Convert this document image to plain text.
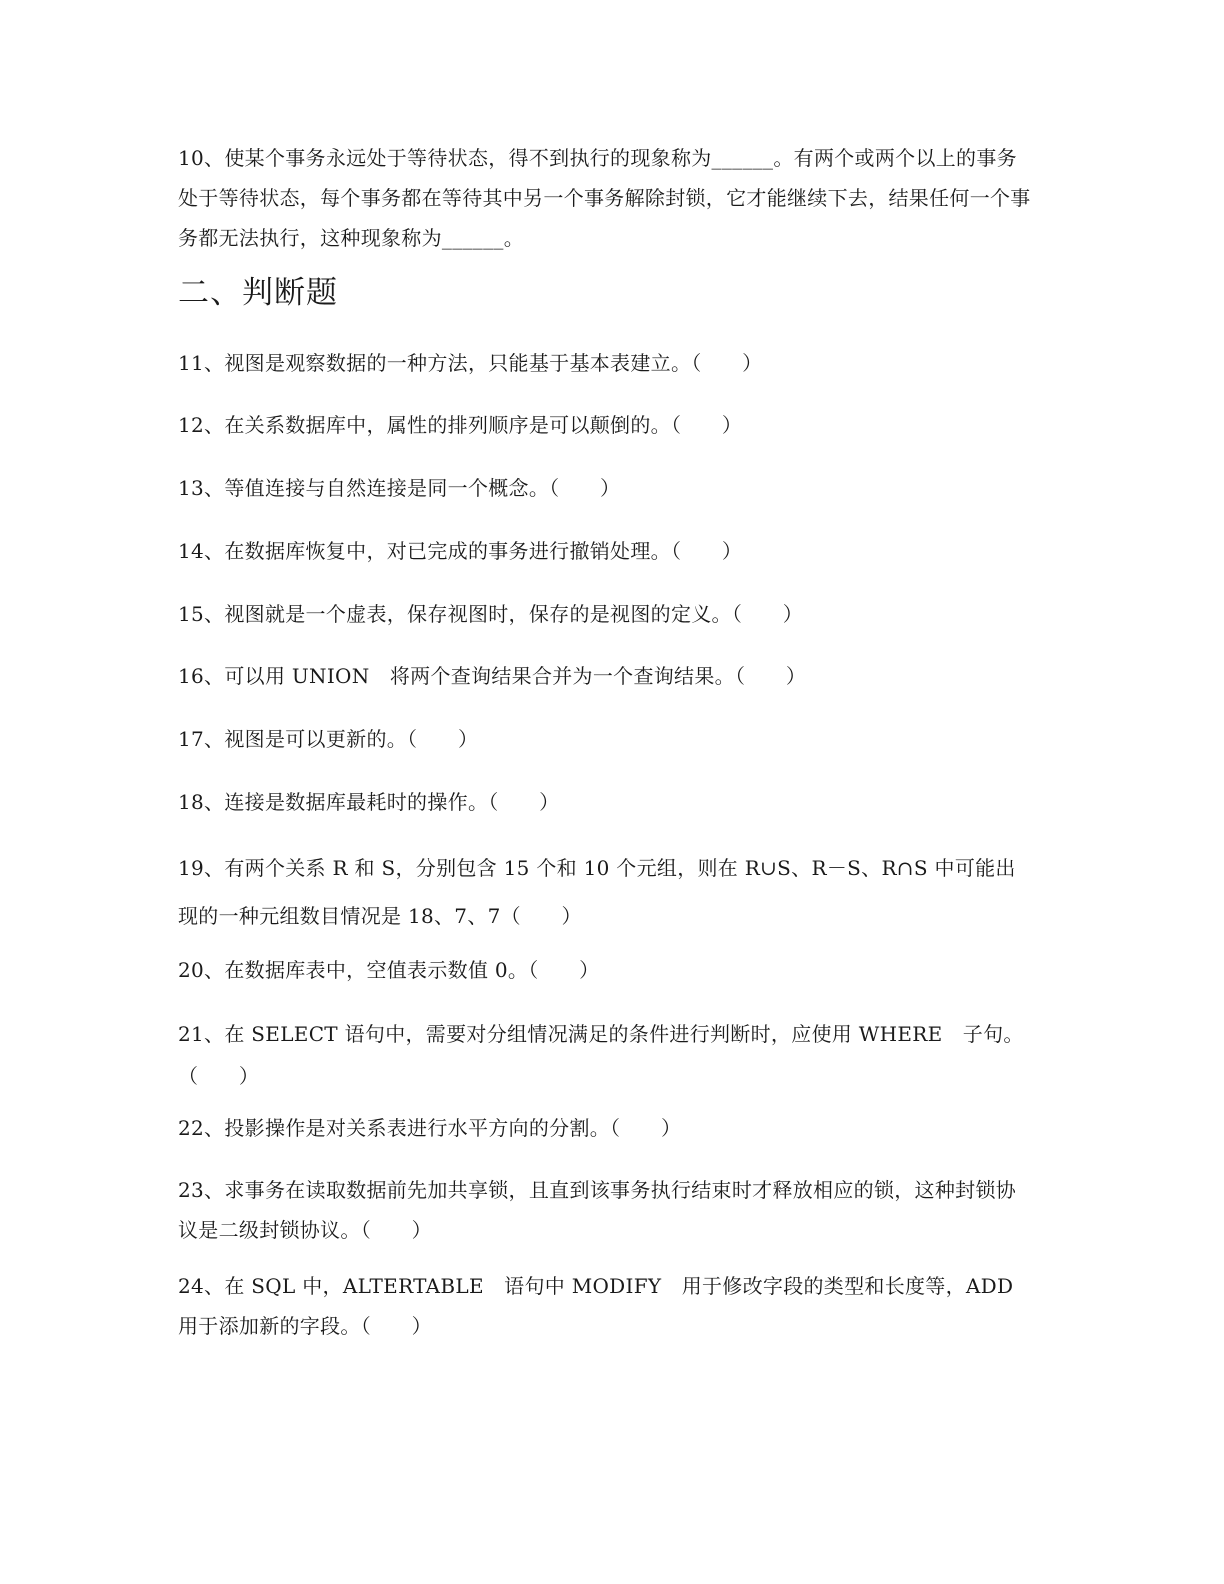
10、使某个事务永远处于等待状态，得不到执行的现象称为______。有两个或两个以上的事务处于等待状态，每个事务都在等待其中另一个事务解除封锁，它才能继续下去，结果任何一个事务都无法执行，这种现象称为______。

二、判断题

11、视图是观察数据的一种方法，只能基于基本表建立。（　　）

12、在关系数据库中，属性的排列顺序是可以颠倒的。（　　）

13、等值连接与自然连接是同一个概念。（　　）

14、在数据库恢复中，对已完成的事务进行撤销处理。（　　）

15、视图就是一个虚表，保存视图时，保存的是视图的定义。（　　）

16、可以用 UNION　将两个查询结果合并为一个查询结果。（　　）

17、视图是可以更新的。（　　）

18、连接是数据库最耗时的操作。（　　）

19、有两个关系 R 和 S，分别包含 15 个和 10 个元组，则在 R∪S、R－S、R∩S 中可能出现的一种元组数目情况是 18、7、7（　　）

20、在数据库表中，空值表示数值 0。（　　）

21、在 SELECT 语句中，需要对分组情况满足的条件进行判断时，应使用 WHERE　子句。（　　）

22、投影操作是对关系表进行水平方向的分割。（　　）

23、求事务在读取数据前先加共享锁，且直到该事务执行结束时才释放相应的锁，这种封锁协议是二级封锁协议。（　　）

24、在 SQL 中，ALTERTABLE　语句中 MODIFY　用于修改字段的类型和长度等，ADD　用于添加新的字段。（　　）
